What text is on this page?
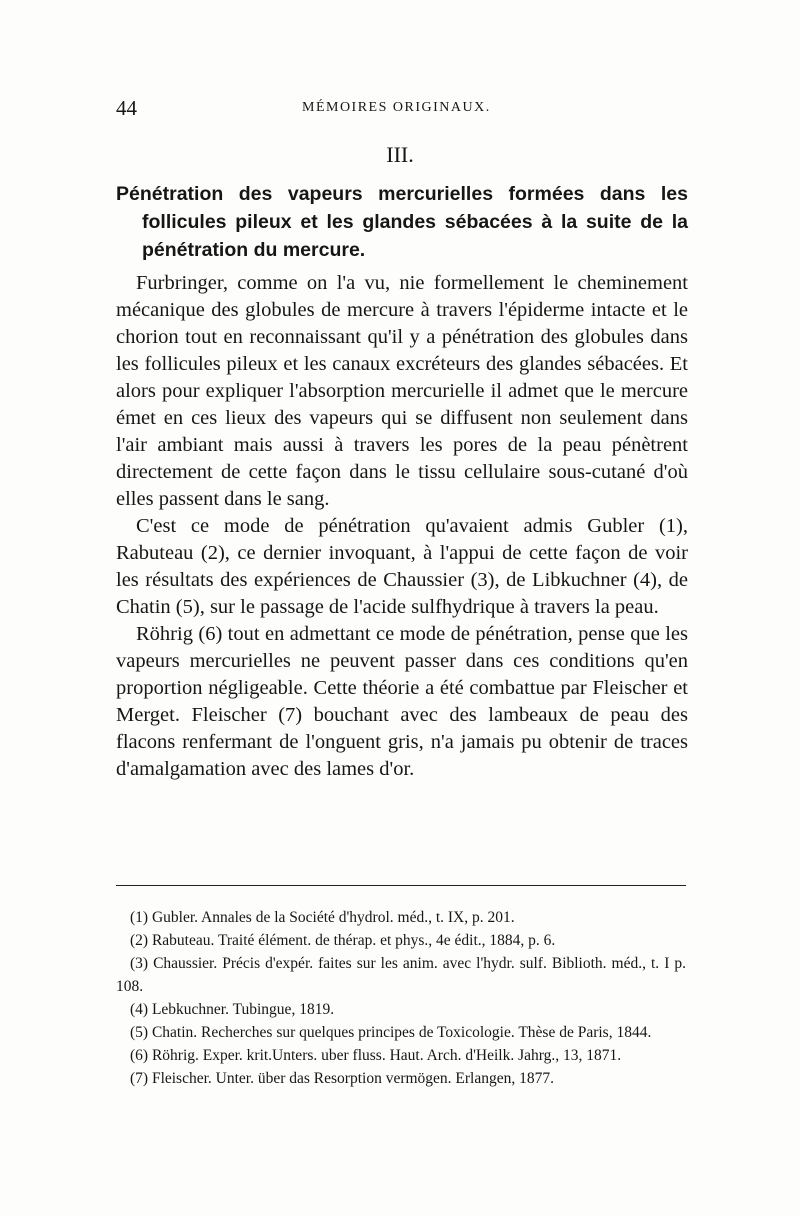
44	MÉMOIRES ORIGINAUX.
III.
Pénétration des vapeurs mercurielles formées dans les follicules pileux et les glandes sébacées à la suite de la pénétration du mercure.

Furbringer, comme on l'a vu, nie formellement le cheminement mécanique des globules de mercure à travers l'épiderme intacte et le chorion tout en reconnaissant qu'il y a pénétration des globules dans les follicules pileux et les canaux excréteurs des glandes sébacées. Et alors pour expliquer l'absorption mercurielle il admet que le mercure émet en ces lieux des vapeurs qui se diffusent non seulement dans l'air ambiant mais aussi à travers les pores de la peau pénètrent directement de cette façon dans le tissu cellulaire sous-cutané d'où elles passent dans le sang.

C'est ce mode de pénétration qu'avaient admis Gubler (1), Rabuteau (2), ce dernier invoquant, à l'appui de cette façon de voir les résultats des expériences de Chaussier (3), de Libkuchner (4), de Chatin (5), sur le passage de l'acide sulfhydrique à travers la peau.

Röhrig (6) tout en admettant ce mode de pénétration, pense que les vapeurs mercurielles ne peuvent passer dans ces conditions qu'en proportion négligeable. Cette théorie a été combattue par Fleischer et Merget. Fleischer (7) bouchant avec des lambeaux de peau des flacons renfermant de l'onguent gris, n'a jamais pu obtenir de traces d'amalgamation avec des lames d'or.

(1) Gubler. Annales de la Société d'hydrol. méd., t. IX, p. 201.

(2) Rabuteau. Traité élément. de thérap. et phys., 4e édit., 1884, p. 6.

(3) Chaussier. Précis d'expér. faites sur les anim. avec l'hydr. sulf. Biblioth. méd., t. I p. 108.

(4) Lebkuchner. Tubingue, 1819.

(5) Chatin. Recherches sur quelques principes de Toxicologie. Thèse de Paris, 1844.

(6) Röhrig. Exper. krit.Unters. uber fluss. Haut. Arch. d'Heilk. Jahrg., 13, 1871.

(7) Fleischer. Unter. über das Resorption vermögen. Erlangen, 1877.
